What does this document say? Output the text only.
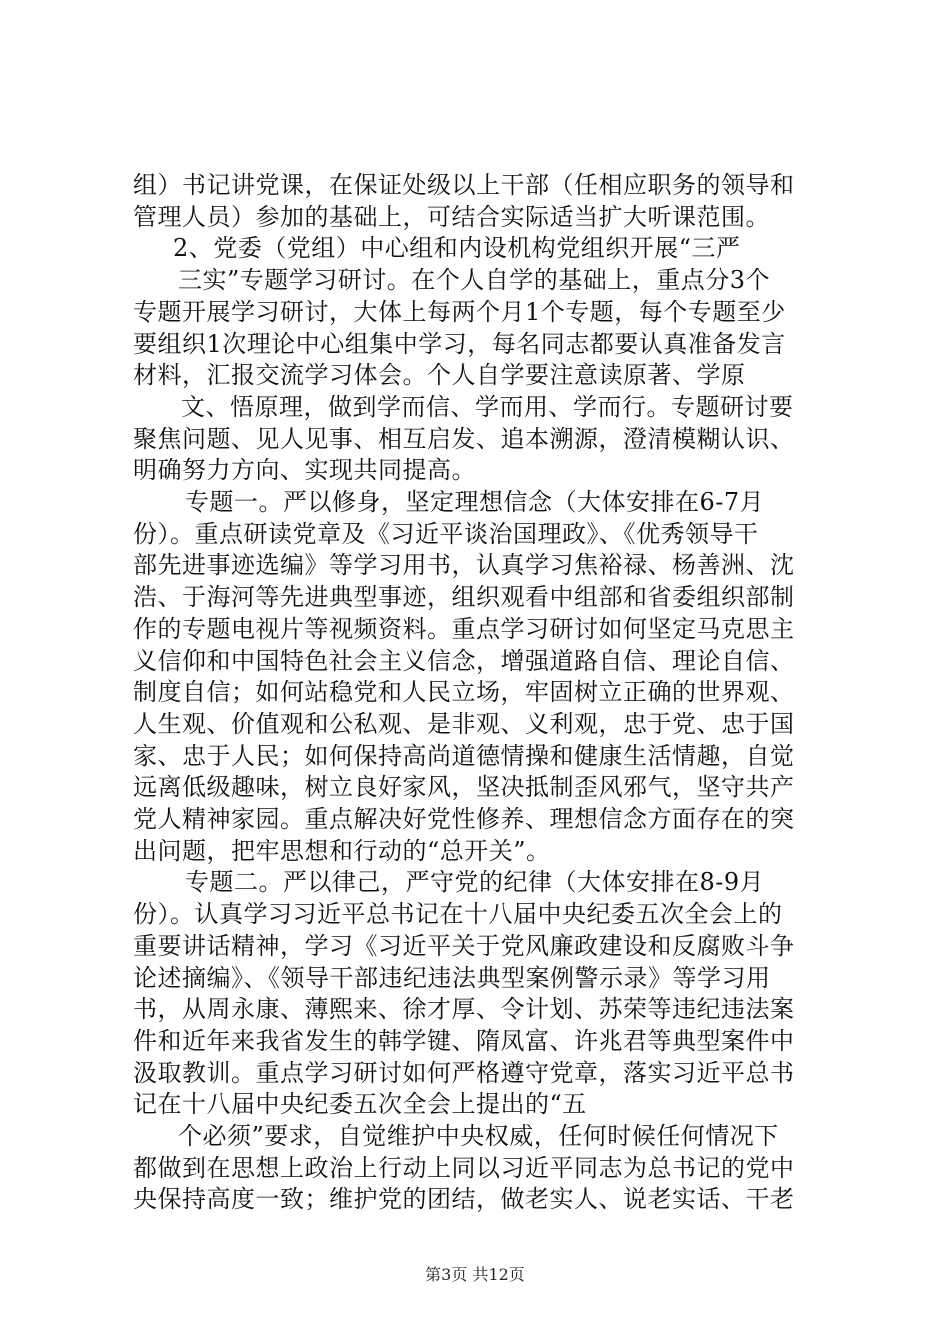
组）书记讲党课，在保证处级以上干部（任相应职务的领导和
管理人员）参加的基础上，可结合实际适当扩大听课范围。
2、党委（党组）中心组和内设机构党组织开展“三严
三实”专题学习研讨。在个人自学的基础上，重点分3个
专题开展学习研讨，大体上每两个月1个专题，每个专题至少
要组织1次理论中心组集中学习，每名同志都要认真准备发言
材料，汇报交流学习体会。个人自学要注意读原著、学原
文、悟原理，做到学而信、学而用、学而行。专题研讨要
聚焦问题、见人见事、相互启发、追本溯源，澄清模糊认识、
明确努力方向、实现共同提高。
专题一。严以修身，坚定理想信念（大体安排在6-7月
份）。重点研读党章及《习近平谈治国理政》、《优秀领导干
部先进事迹选编》等学习用书，认真学习焦裕禄、杨善洲、沈
浩、于海河等先进典型事迹，组织观看中组部和省委组织部制
作的专题电视片等视频资料。重点学习研讨如何坚定马克思主
义信仰和中国特色社会主义信念，增强道路自信、理论自信、
制度自信；如何站稳党和人民立场，牢固树立正确的世界观、
人生观、价值观和公私观、是非观、义利观，忠于党、忠于国
家、忠于人民；如何保持高尚道德情操和健康生活情趣，自觉
远离低级趣味，树立良好家风，坚决抵制歪风邪气，坚守共产
党人精神家园。重点解决好党性修养、理想信念方面存在的突
出问题，把牢思想和行动的“总开关”。
专题二。严以律己，严守党的纪律（大体安排在8-9月
份）。认真学习习近平总书记在十八届中央纪委五次全会上的
重要讲话精神，学习《习近平关于党风廉政建设和反腐败斗争
论述摘编》、《领导干部违纪违法典型案例警示录》等学习用
书，从周永康、薄熙来、徐才厚、令计划、苏荣等违纪违法案
件和近年来我省发生的韩学键、隋凤富、许兆君等典型案件中
汲取教训。重点学习研讨如何严格遵守党章，落实习近平总书
记在十八届中央纪委五次全会上提出的“五
个必须”要求，自觉维护中央权威，任何时候任何情况下
都做到在思想上政治上行动上同以习近平同志为总书记的党中
央保持高度一致；维护党的团结，做老实人、说老实话、干老
第3页 共12页
